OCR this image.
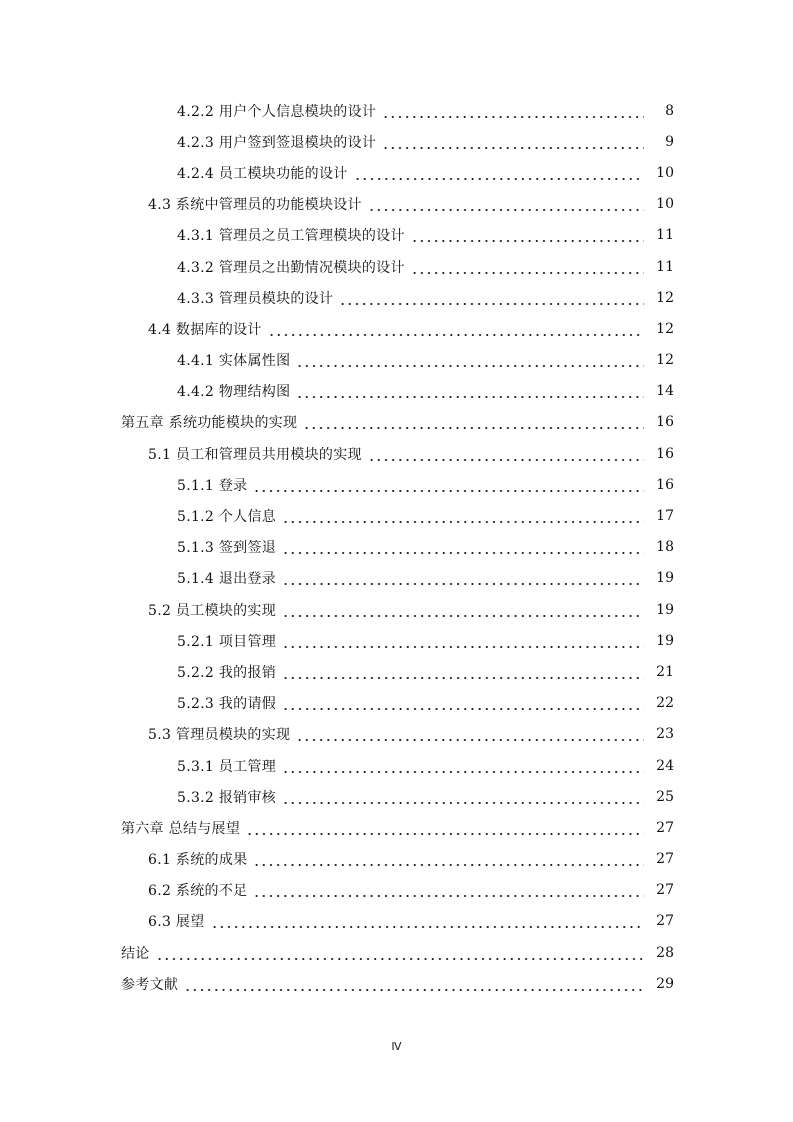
4.2.2 用户个人信息模块的设计	8
4.2.3 用户签到签退模块的设计	9
4.2.4 员工模块功能的设计	10
4.3 系统中管理员的功能模块设计	10
4.3.1 管理员之员工管理模块的设计	11
4.3.2 管理员之出勤情况模块的设计	11
4.3.3 管理员模块的设计	12
4.4 数据库的设计	12
4.4.1 实体属性图	12
4.4.2 物理结构图	14
第五章 系统功能模块的实现	16
5.1 员工和管理员共用模块的实现	16
5.1.1 登录	16
5.1.2 个人信息	17
5.1.3 签到签退	18
5.1.4 退出登录	19
5.2 员工模块的实现	19
5.2.1 项目管理	19
5.2.2 我的报销	21
5.2.3 我的请假	22
5.3 管理员模块的实现	23
5.3.1 员工管理	24
5.3.2 报销审核	25
第六章 总结与展望	27
6.1 系统的成果	27
6.2 系统的不足	27
6.3 展望	27
结论	28
参考文献	29
Ⅳ
